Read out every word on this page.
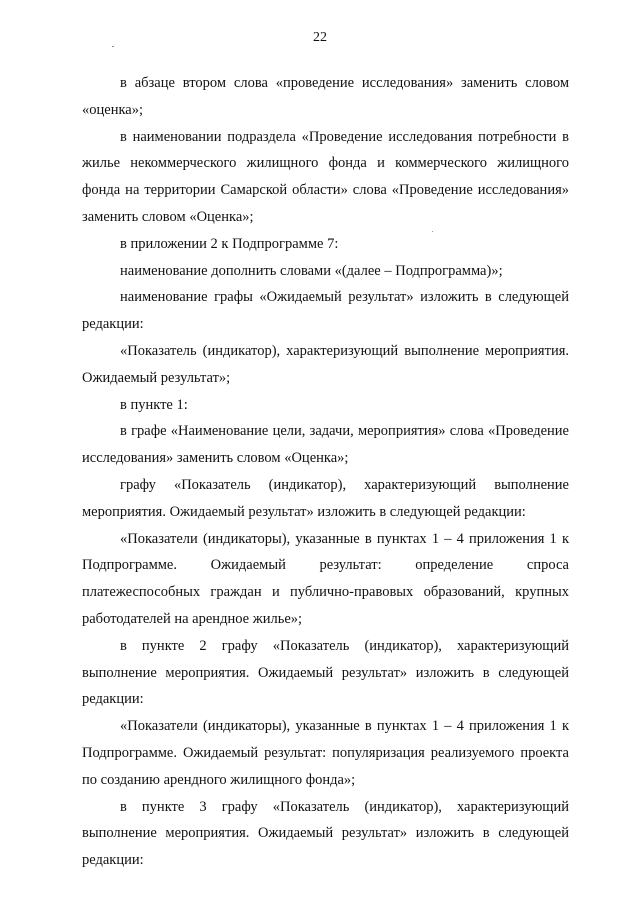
22

в абзаце втором слова «проведение исследования» заменить словом «оценка»;

в наименовании подраздела «Проведение исследования потребности в жилье некоммерческого жилищного фонда и коммерческого жилищного фонда на территории Самарской области» слова «Проведение исследования» заменить словом «Оценка»;

в приложении 2 к Подпрограмме 7:

наименование дополнить словами «(далее – Подпрограмма)»;

наименование графы «Ожидаемый результат» изложить в следующей редакции:

«Показатель (индикатор), характеризующий выполнение мероприятия. Ожидаемый результат»;

в пункте 1:

в графе «Наименование цели, задачи, мероприятия» слова «Проведение исследования» заменить словом «Оценка»;

графу «Показатель (индикатор), характеризующий выполнение мероприятия. Ожидаемый результат» изложить в следующей редакции:

«Показатели (индикаторы), указанные в пунктах 1 – 4 приложения 1 к Подпрограмме. Ожидаемый результат: определение спроса платежеспособных граждан и публично-правовых образований, крупных работодателей на арендное жилье»;

в пункте 2 графу «Показатель (индикатор), характеризующий выполнение мероприятия. Ожидаемый результат» изложить в следующей редакции:

«Показатели (индикаторы), указанные в пунктах 1 – 4 приложения 1 к Подпрограмме. Ожидаемый результат: популяризация реализуемого проекта по созданию арендного жилищного фонда»;

в пункте 3 графу «Показатель (индикатор), характеризующий выполнение мероприятия. Ожидаемый результат» изложить в следующей редакции:
